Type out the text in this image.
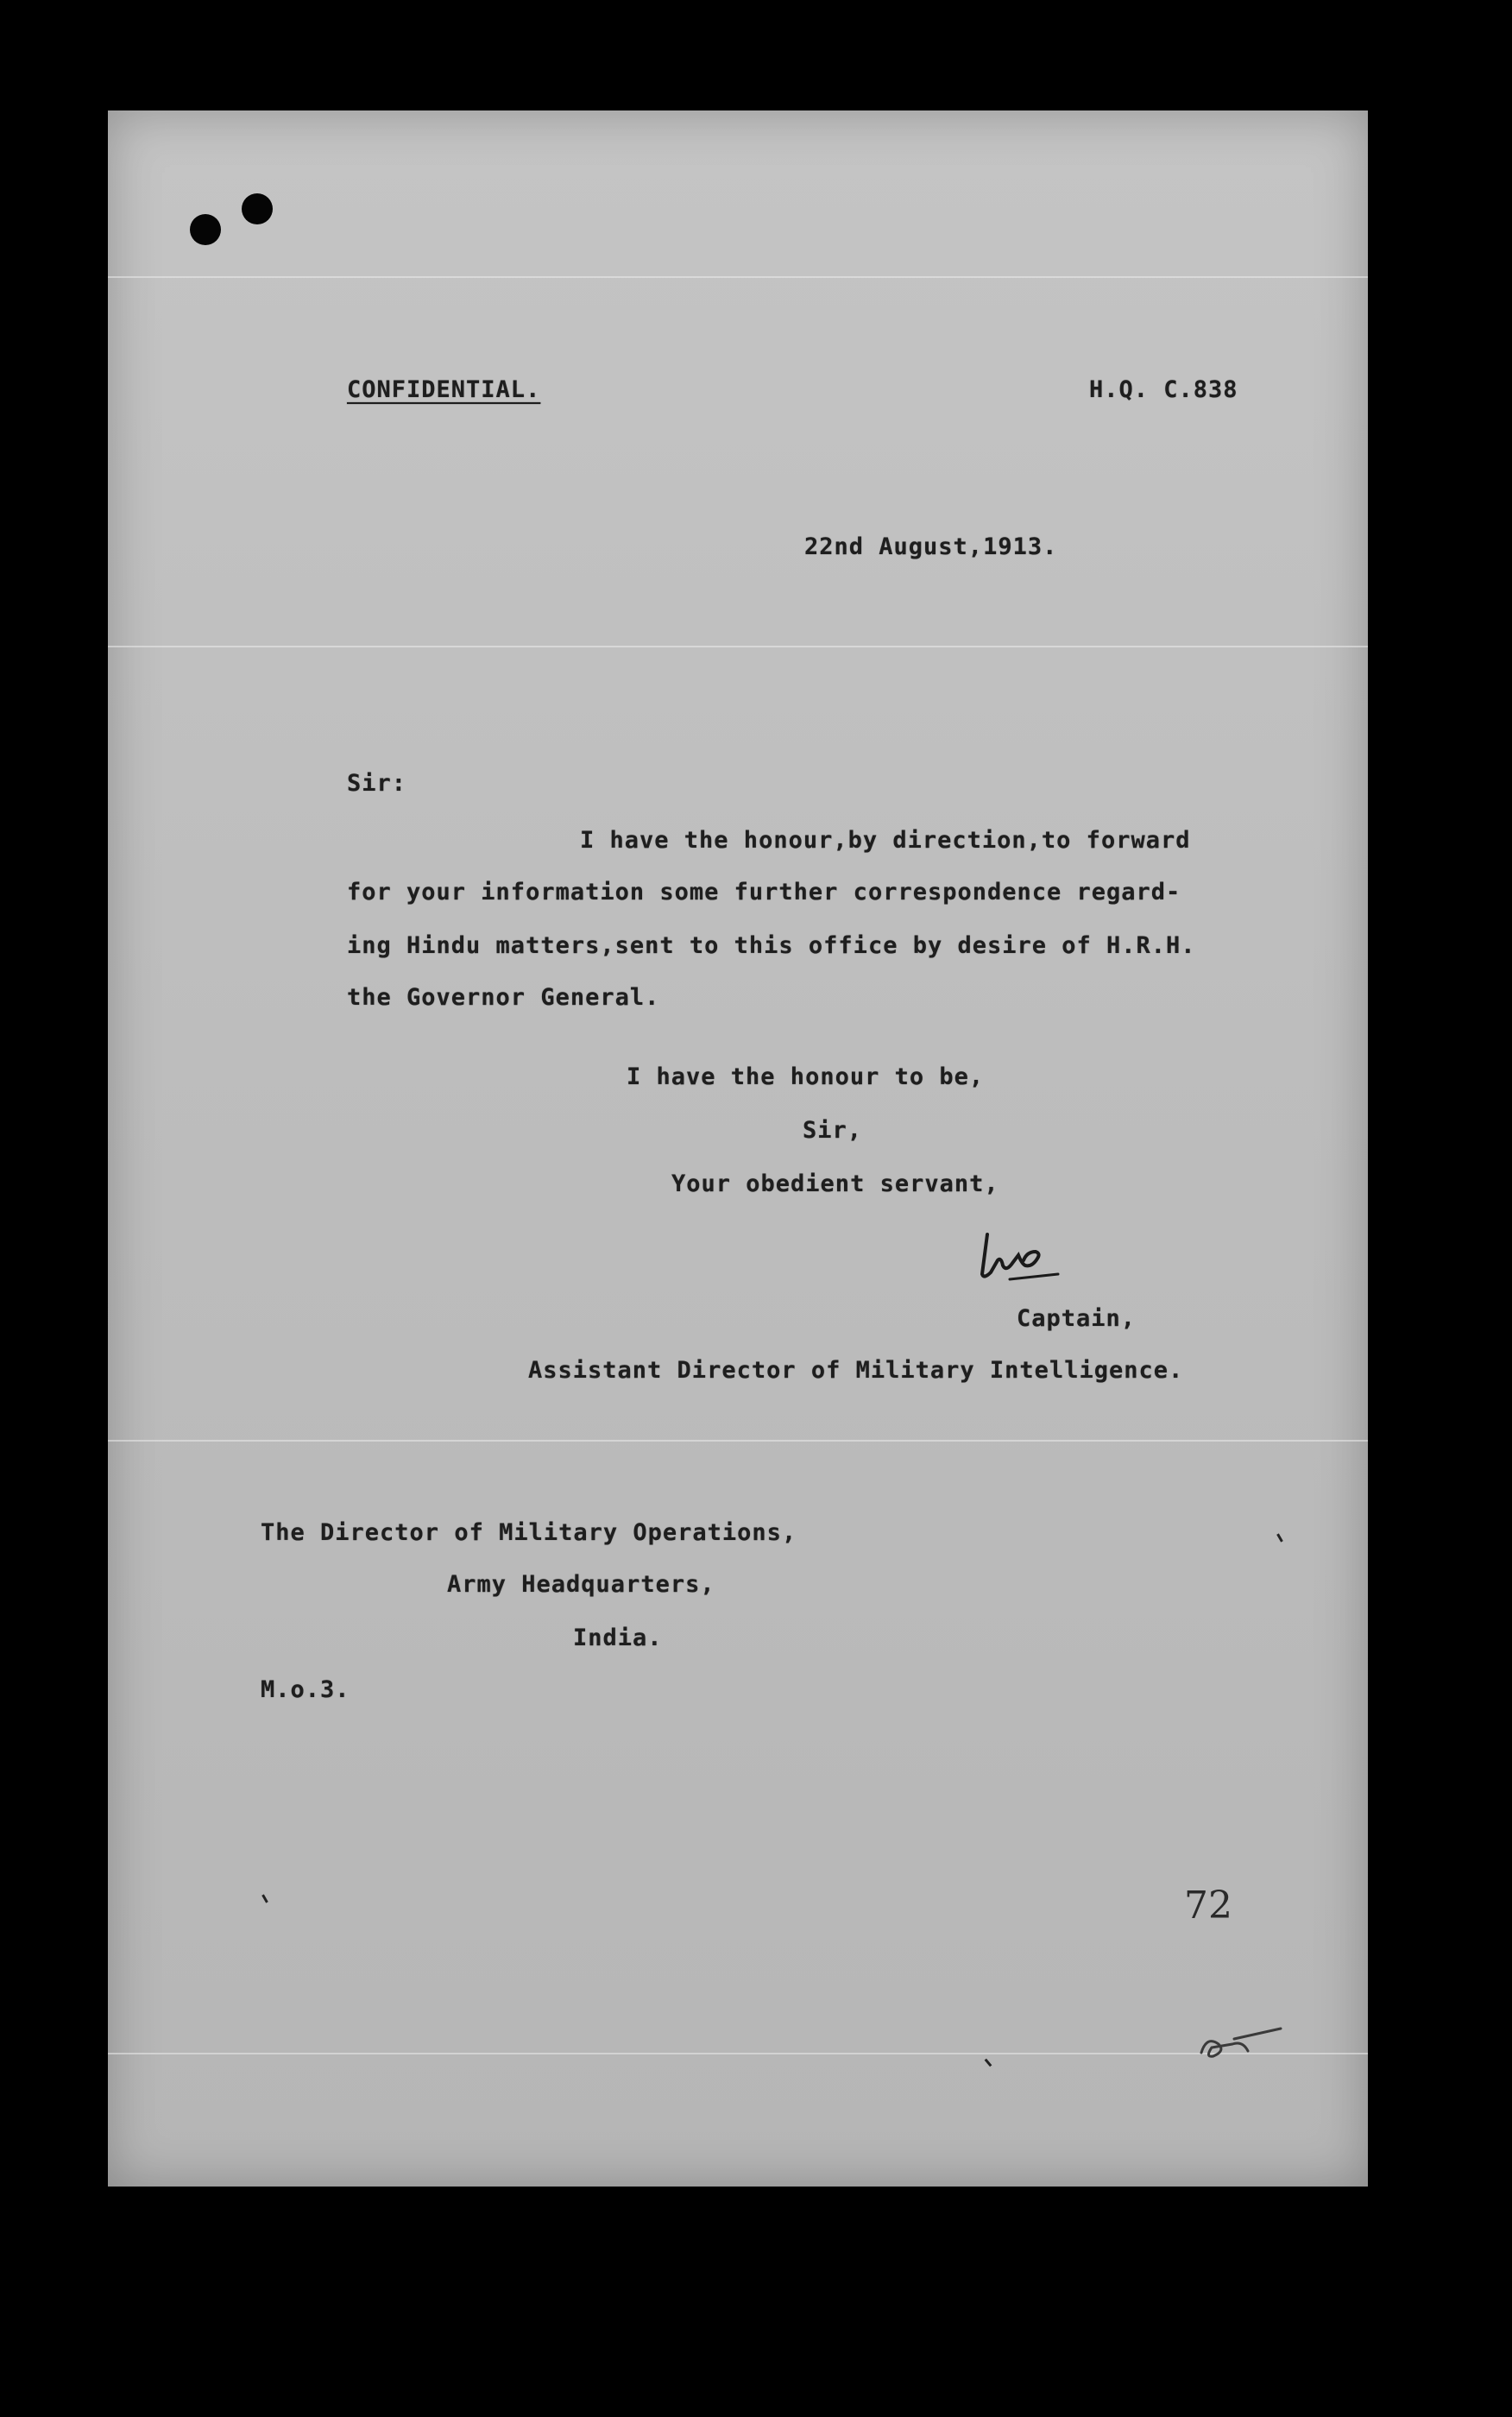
CONFIDENTIAL.	H.Q. C.838
22nd August,1913.
Sir:
I have the honour,by direction,to forward
for your information some further correspondence regard-
ing Hindu matters,sent to this office by desire of H.R.H.
the Governor General.
I have the honour to be,
Sir,
Your obedient servant,
Captain,
Assistant Director of Military Intelligence.
The Director of Military Operations,
Army Headquarters,
India.
M.o.3.
72
